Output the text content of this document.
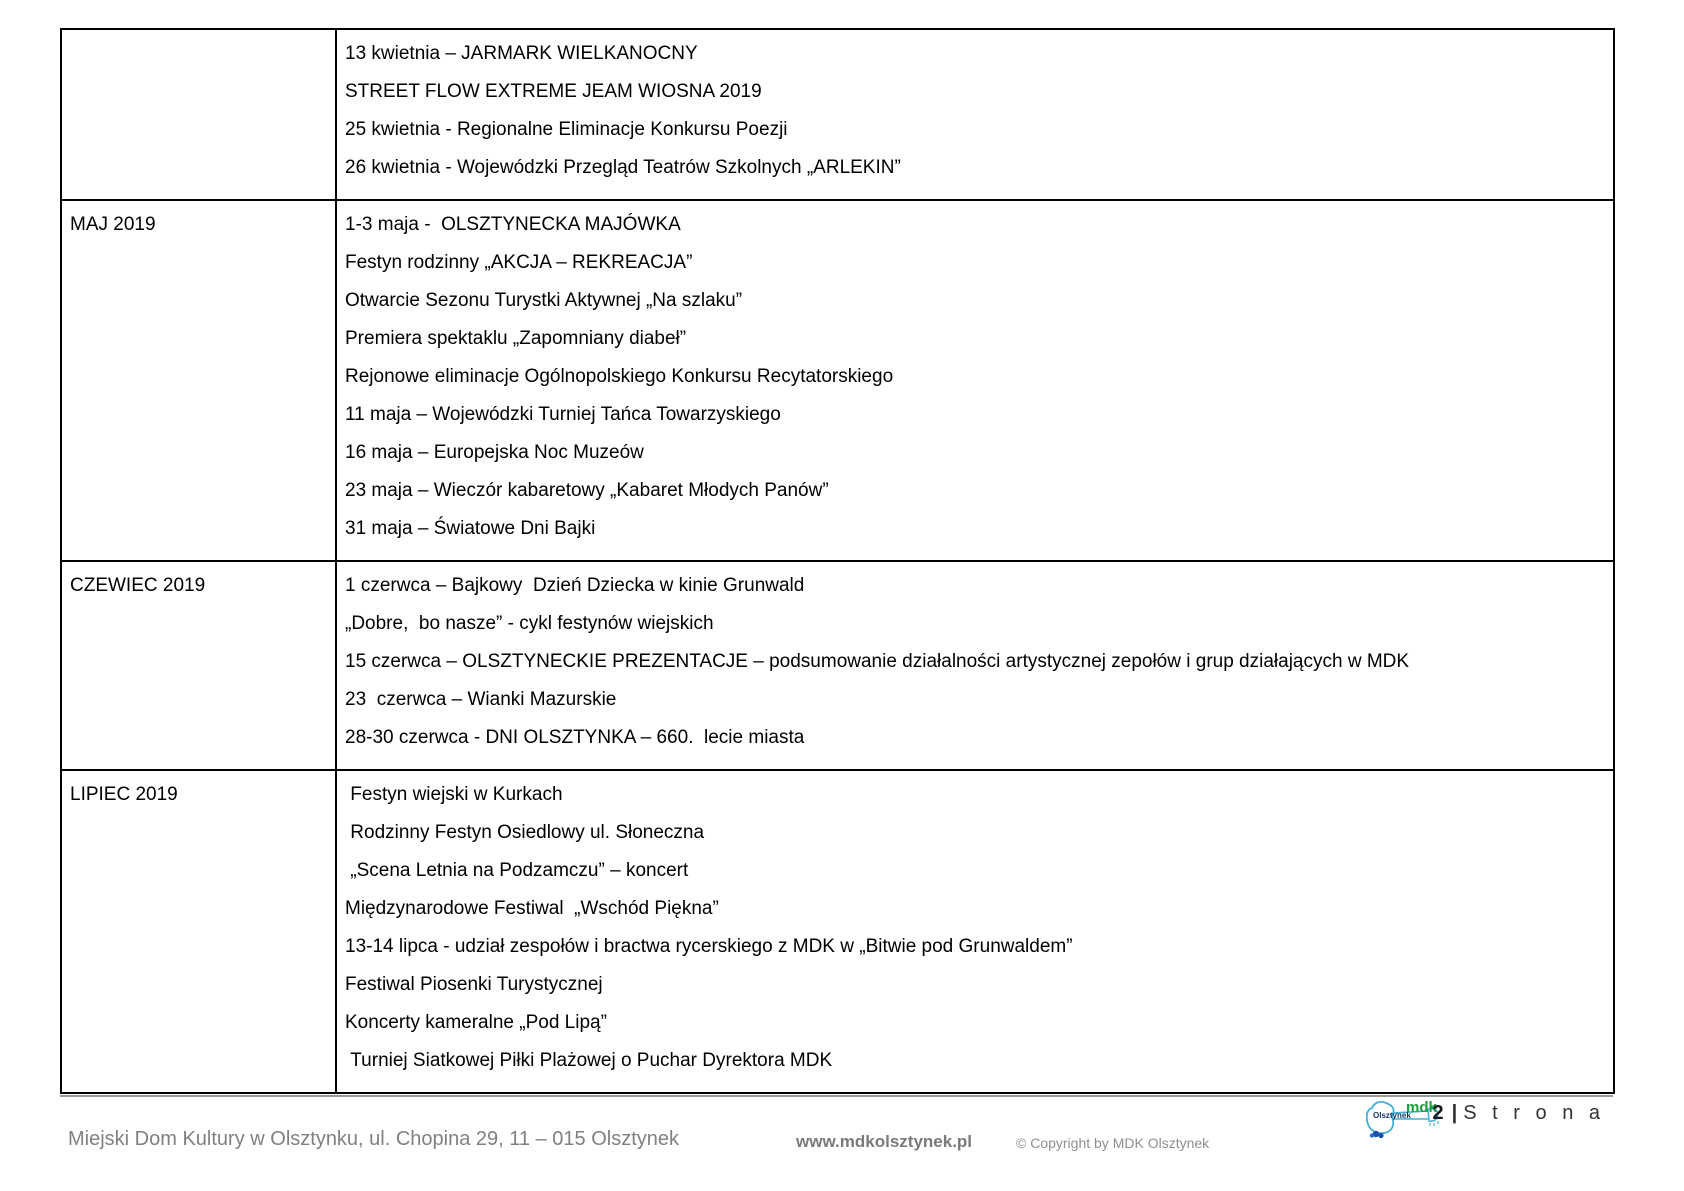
	13 kwietnia – JARMARK WIELKANOCNY

STREET FLOW EXTREME JEAM WIOSNA 2019

25 kwietnia - Regionalne Eliminacje Konkursu Poezji

26 kwietnia - Wojewódzki Przegląd Teatrów Szkolnych „ARLEKIN”

MAJ 2019	1-3 maja -  OLSZTYNECKA MAJÓWKA

Festyn rodzinny „AKCJA – REKREACJA”

Otwarcie Sezonu Turystki Aktywnej „Na szlaku”

Premiera spektaklu „Zapomniany diabeł”

Rejonowe eliminacje Ogólnopolskiego Konkursu Recytatorskiego

11 maja – Wojewódzki Turniej Tańca Towarzyskiego

16 maja – Europejska Noc Muzeów

23 maja – Wieczór kabaretowy „Kabaret Młodych Panów”

31 maja – Światowe Dni Bajki

CZEWIEC 2019	1 czerwca – Bajkowy  Dzień Dziecka w kinie Grunwald

„Dobre,  bo nasze” - cykl festynów wiejskich

15 czerwca – OLSZTYNECKIE PREZENTACJE – podsumowanie działalności artystycznej zepołów i grup działających w MDK

23  czerwca – Wianki Mazurskie

28-30 czerwca - DNI OLSZTYNKA – 660.  lecie miasta

LIPIEC 2019	Festyn wiejski w Kurkach

Rodzinny Festyn Osiedlowy ul. Słoneczna

„Scena Letnia na Podzamczu” – koncert

Międzynarodowe Festiwal  „Wschód Piękna”

13-14 lipca - udział zespołów i bractwa rycerskiego z MDK w „Bitwie pod Grunwaldem”

Festiwal Piosenki Turystycznej

Koncerty kameralne „Pod Lipą”

Turniej Siatkowej Piłki Plażowej o Puchar Dyrektora MDK

Miejski Dom Kultury w Olsztynku, ul. Chopina 29, 11 – 015 Olsztynek	www.mdkolsztynek.pl	© Copyright by MDK Olsztynek
mdk
Olsztynek 2 | S t r o n a
